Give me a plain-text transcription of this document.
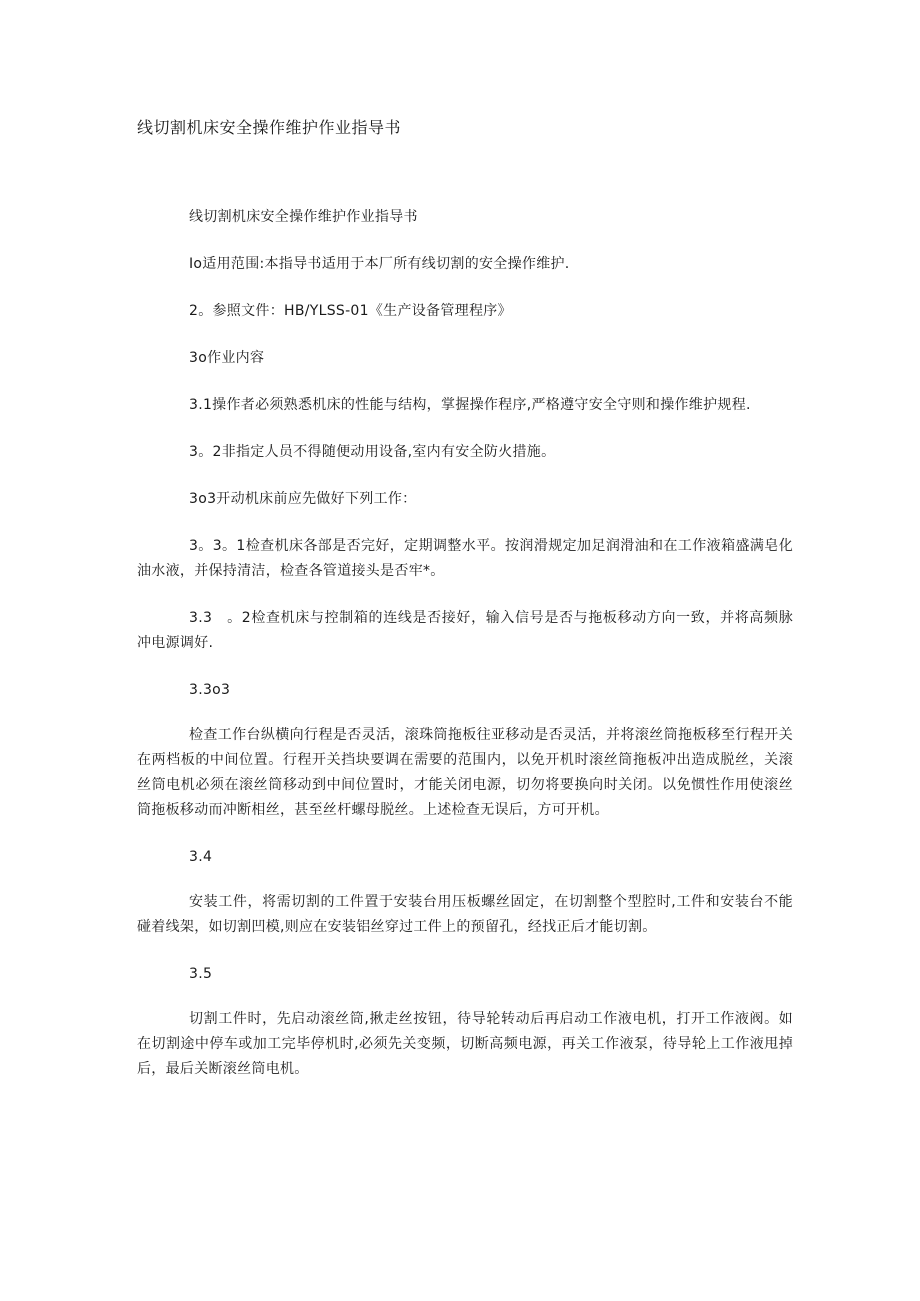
线切割机床安全操作维护作业指导书

线切割机床安全操作维护作业指导书

Io适用范围:本指导书适用于本厂所有线切割的安全操作维护.

2。参照文件：HB/YLSS-01《生产设备管理程序》

3o作业内容

3.1操作者必须熟悉机床的性能与结构，掌握操作程序,严格遵守安全守则和操作维护规程.

3。2非指定人员不得随便动用设备,室内有安全防火措施。

3o3开动机床前应先做好下列工作：

3。3。1检查机床各部是否完好，定期调整水平。按润滑规定加足润滑油和在工作液箱盛满皂化油水液，并保持清洁，检查各管道接头是否牢*。

3.3　。2检查机床与控制箱的连线是否接好，输入信号是否与拖板移动方向一致，并将高频脉冲电源调好.

3.3o3

检查工作台纵横向行程是否灵活，滚珠筒拖板往亚移动是否灵活，并将滚丝筒拖板移至行程开关在两档板的中间位置。行程开关挡块要调在需要的范围内，以免开机时滚丝筒拖板冲出造成脱丝，关滚丝筒电机必须在滚丝筒移动到中间位置时，才能关闭电源，切勿将要换向时关闭。以免惯性作用使滚丝筒拖板移动而冲断相丝，甚至丝杆螺母脱丝。上述检查无误后，方可开机。

3.4

安装工件，将需切割的工件置于安装台用压板螺丝固定，在切割整个型腔时,工件和安装台不能碰着线架，如切割凹模,则应在安装铝丝穿过工件上的预留孔，经找正后才能切割。

3.5

切割工件时，先启动滚丝筒,揪走丝按钮，待导轮转动后再启动工作液电机，打开工作液阀。如在切割途中停车或加工完毕停机时,必须先关变频，切断高频电源，再关工作液泵，待导轮上工作液甩掉后，最后关断滚丝筒电机。
